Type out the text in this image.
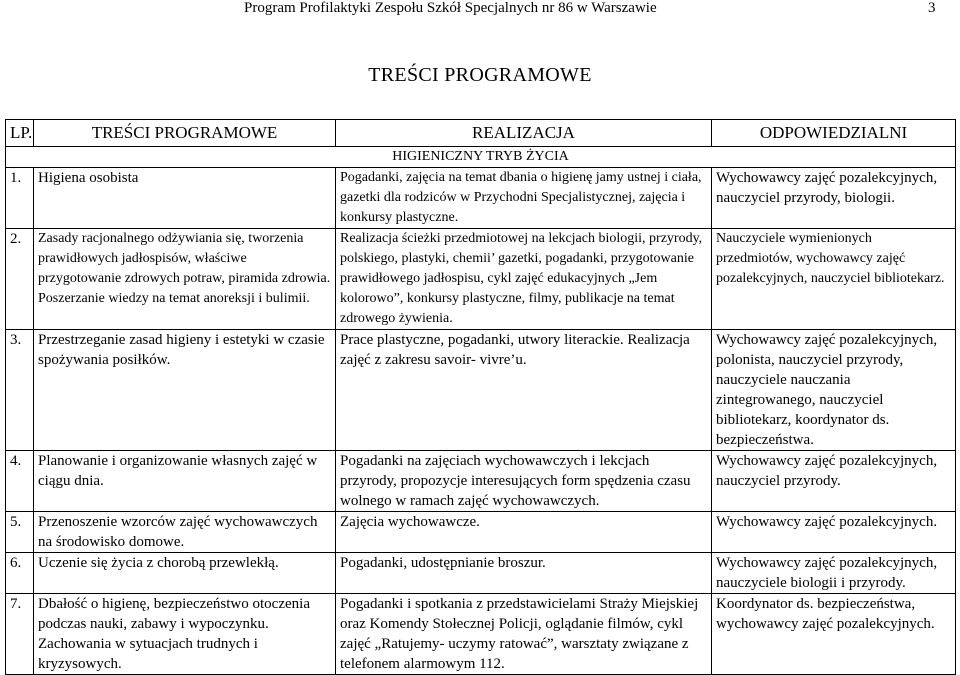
Program Profilaktyki Zespołu Szkół Specjalnych nr 86 w Warszawie	3
TREŚCI PROGRAMOWE
LP.	TREŚCI PROGRAMOWE	REALIZACJA	ODPOWIEDZIALNI
HIGIENICZNY TRYB ŻYCIA			
1.	Higiena osobista	Pogadanki, zajęcia na temat dbania o higienę jamy ustnej i ciała, gazetki dla rodziców w Przychodni Specjalistycznej, zajęcia i konkursy plastyczne.	Wychowawcy zajęć pozalekcyjnych, nauczyciel przyrody, biologii.
2.	Zasady racjonalnego odżywiania się, tworzenia prawidłowych jadłospisów, właściwe przygotowanie zdrowych potraw, piramida zdrowia. Poszerzanie wiedzy na temat anoreksji i bulimii.	Realizacja ścieżki przedmiotowej na lekcjach biologii, przyrody, polskiego, plastyki, chemii’ gazetki, pogadanki, przygotowanie prawidłowego jadłospisu, cykl zajęć edukacyjnych „Jem kolorowo”, konkursy plastyczne, filmy, publikacje na temat zdrowego żywienia.	Nauczyciele wymienionych przedmiotów, wychowawcy zajęć pozalekcyjnych, nauczyciel bibliotekarz.
3.	Przestrzeganie zasad higieny i estetyki w czasie spożywania posiłków.	Prace plastyczne, pogadanki, utwory literackie. Realizacja zajęć z zakresu savoir- vivre’u.	Wychowawcy zajęć pozalekcyjnych, polonista, nauczyciel przyrody, nauczyciele nauczania zintegrowanego, nauczyciel bibliotekarz, koordynator ds. bezpieczeństwa.
4.	Planowanie i organizowanie własnych zajęć w ciągu dnia.	Pogadanki na zajęciach wychowawczych i lekcjach przyrody, propozycje interesujących form spędzenia czasu wolnego w ramach zajęć wychowawczych.	Wychowawcy zajęć pozalekcyjnych, nauczyciel przyrody.
5.	Przenoszenie wzorców zajęć wychowawczych na środowisko domowe.	Zajęcia wychowawcze.	Wychowawcy zajęć pozalekcyjnych.
6.	Uczenie się życia z chorobą przewlekłą.	Pogadanki, udostępnianie broszur.	Wychowawcy zajęć pozalekcyjnych, nauczyciele biologii i przyrody.
7.	Dbałość o higienę, bezpieczeństwo otoczenia podczas nauki, zabawy i wypoczynku. Zachowania w sytuacjach trudnych i kryzysowych.	Pogadanki i spotkania z przedstawicielami Straży Miejskiej oraz Komendy Stołecznej Policji, oglądanie filmów, cykl zajęć „Ratujemy- uczymy ratować”, warsztaty związane z telefonem alarmowym 112.	Koordynator ds. bezpieczeństwa, wychowawcy zajęć pozalekcyjnych.
